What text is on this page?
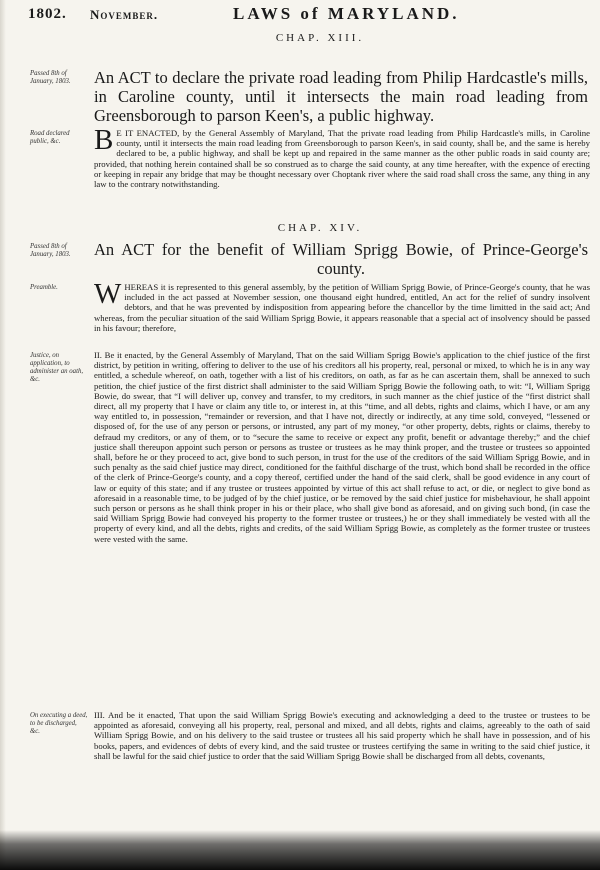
1802. November.	LAWS of MARYLAND.
CHAP. XIII.
Passed 8th of January, 1803.	An ACT to declare the private road leading from Philip Hardcastle's mills, in Caroline county, until it intersects the main road leading from Greensborough to parson Keen's, a public highway.
Road declared public, &c.	B E IT ENACTED, by the General Assembly of Maryland, That the private road leading from Philip Hardcastle's mills, in Caroline county, until it intersects the main road leading from Greensborough to parson Keen's, in said county, shall be, and the same is hereby declared to be, a public highway, and shall be kept up and repaired in the same manner as the other public roads in said county are; provided, that nothing herein contained shall be so construed as to charge the said county, at any time hereafter, with the expence of erecting or keeping in repair any bridge that may be thought necessary over Choptank river where the said road shall cross the same, any thing in any law to the contrary notwithstanding.
CHAP. XIV.
Passed 8th of January, 1803.	An ACT for the benefit of William Sprigg Bowie, of Prince-George's county.
Preamble.	WHEREAS it is represented to this general assembly, by the petition of William Sprigg Bowie, of Prince-George's county, that he was included in the act passed at November session, one thousand eight hundred, entitled, An act for the relief of sundry insolvent debtors, and that he was prevented by indisposition from appearing before the chancellor by the time limitted in the said act; And whereas, from the peculiar situation of the said William Sprigg Bowie, it appears reasonable that a special act of insolvency should be passed in his favour; therefore,
Justice, on application, to administer an oath, &c.
II. Be it enacted, by the General Assembly of Maryland, That on the said William Sprigg Bowie's application to the chief justice of the first district, by petition in writing, offering to deliver to the use of his creditors all his property, real, personal or mixed, to which he is in any way entitled, a schedule whereof, on oath, together with a list of his creditors, on oath, as far as he can ascertain them, shall be annexed to such petition, the chief justice of the first district shall administer to the said William Sprigg Bowie the following oath, to wit: “I, William Sprigg Bowie, do swear, that “I will deliver up, convey and transfer, to my creditors, in such manner as the chief justice of the “first district shall direct, all my property that I have or claim any title to, or interest in, at this “time, and all debts, rights and claims, which I have, or am any way entitled to, in possession, “remainder or reversion, and that I have not, directly or indirectly, at any time sold, conveyed, “lessened or disposed of, for the use of any person or persons, or intrusted, any part of my money, “or other property, debts, rights or claims, thereby to defraud my creditors, or any of them, or to “secure the same to receive or expect any profit, benefit or advantage thereby;” and the chief justice shall thereupon appoint such person or persons as trustee or trustees as he may think proper, and the trustee or trustees so appointed shall, before he or they proceed to act, give bond to such person, in trust for the use of the creditors of the said William Sprigg Bowie, and in such penalty as the said chief justice may direct, conditioned for the faithful discharge of the trust, which bond shall be recorded in the office of the clerk of Prince-George's county, and a copy thereof, certified under the hand of the said clerk, shall be good evidence in any court of law or equity of this state; and if any trustee or trustees appointed by virtue of this act shall refuse to act, or die, or neglect to give bond as aforesaid in a reasonable time, to be judged of by the chief justice, or be removed by the said chief justice for misbehaviour, he shall appoint such person or persons as he shall think proper in his or their place, who shall give bond as aforesaid, and on giving such bond, (in case the said William Sprigg Bowie had conveyed his property to the former trustee or trustees,) he or they shall immediately be vested with all the property of every kind, and all the debts, rights and credits, of the said William Sprigg Bowie, as completely as the former trustee or trustees were vested with the same.
On executing a deed, to be discharged, &c.
III. And be it enacted, That upon the said William Sprigg Bowie's executing and acknowledging a deed to the trustee or trustees to be appointed as aforesaid, conveying all his property, real, personal and mixed, and all debts, rights and claims, agreeably to the oath of said William Sprigg Bowie, and on his delivery to the said trustee or trustees all his said property which he shall have in possession, and of his books, papers, and evidences of debts of every kind, and the said trustee or trustees certifying the same in writing to the said chief justice, it shall be lawful for the said chief justice to order that the said William Sprigg Bowie shall be discharged from all debts, covenants,
